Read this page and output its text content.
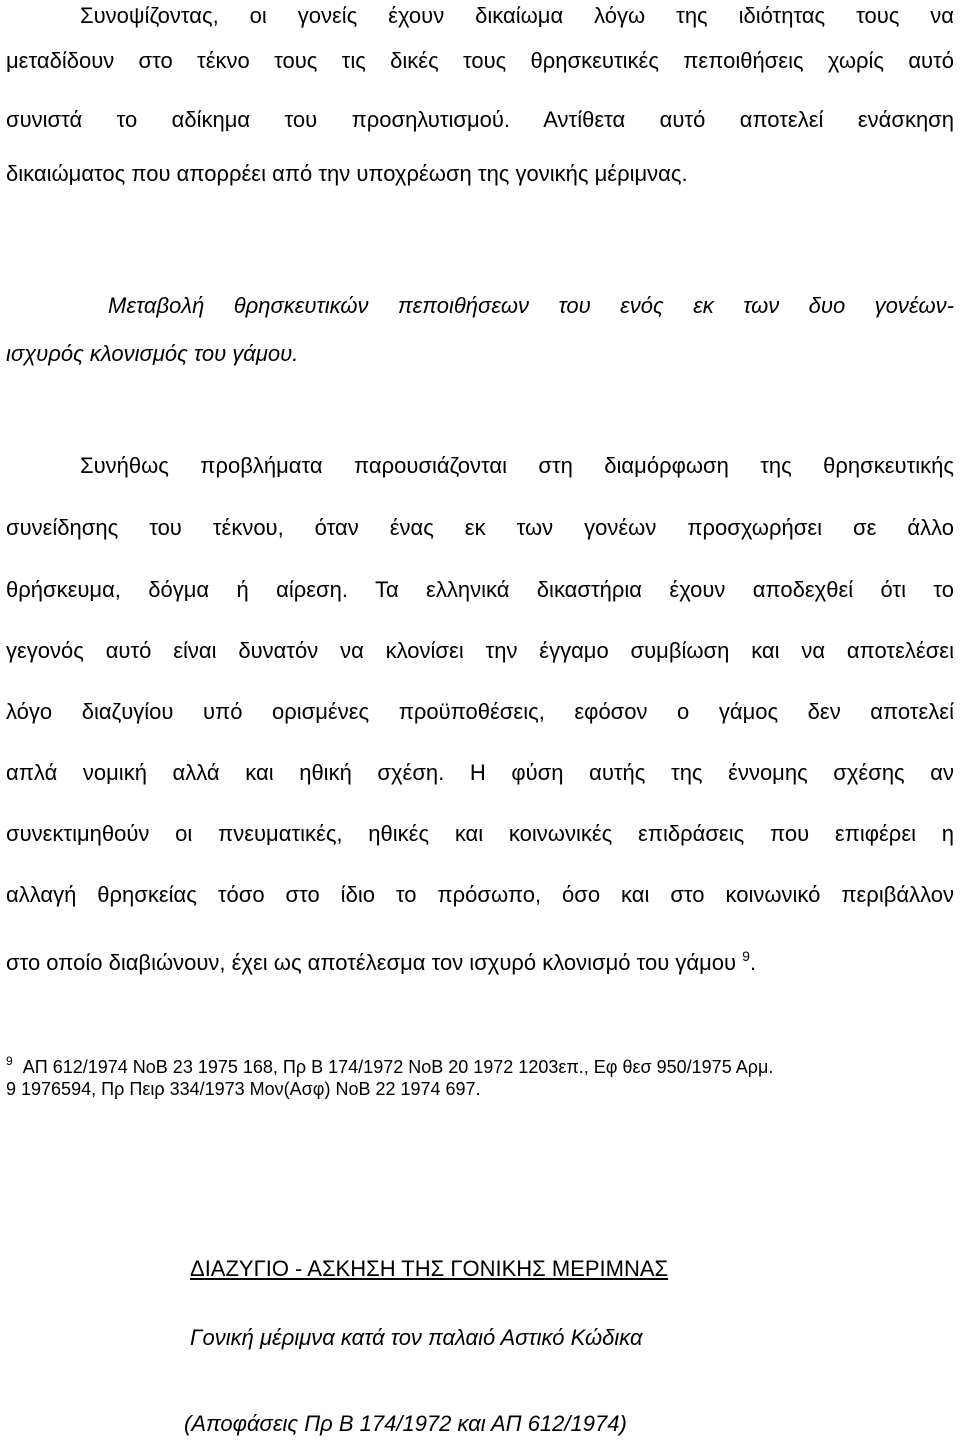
Συνοψίζοντας, οι γονείς έχουν δικαίωμα λόγω της ιδιότητας τους να
μεταδίδουν στο τέκνο τους τις δικές τους θρησκευτικές πεποιθήσεις χωρίς αυτό
συνιστά το αδίκημα του προσηλυτισμού. Αντίθετα αυτό αποτελεί ενάσκηση
δικαιώματος που απορρέει από την υποχρέωση της γονικής μέριμνας.
Μεταβολή θρησκευτικών πεποιθήσεων του ενός εκ των δυο γονέων-
ισχυρός κλονισμός του γάμου.
Συνήθως προβλήματα παρουσιάζονται στη διαμόρφωση της θρησκευτικής
συνείδησης του τέκνου, όταν ένας εκ των γονέων προσχωρήσει σε άλλο
θρήσκευμα, δόγμα ή αίρεση. Τα ελληνικά δικαστήρια έχουν αποδεχθεί ότι το
γεγονός αυτό είναι δυνατόν να κλονίσει την έγγαμο συμβίωση και να αποτελέσει
λόγο διαζυγίου υπό ορισμένες προϋποθέσεις, εφόσον ο γάμος δεν αποτελεί
απλά νομική αλλά και ηθική σχέση. Η φύση αυτής της έννομης σχέσης αν
συνεκτιμηθούν οι πνευματικές, ηθικές και κοινωνικές επιδράσεις που επιφέρει η
αλλαγή θρησκείας τόσο στο ίδιο το πρόσωπο, όσο και στο κοινωνικό περιβάλλον
στο οποίο διαβιώνουν, έχει ως αποτέλεσμα τον ισχυρό κλονισμό του γάμου $^9$.
$^9$ ΑΠ 612/1974 ΝοΒ 23 1975 168, Πρ Β 174/1972 ΝοΒ 20 1972 1203επ., Εφ θεσ 950/1975 Αρμ.
9 1976594, Πρ Πειρ 334/1973 Μον(Ασφ) ΝοΒ 22 1974 697.
ΔΙΑΖΥΓΙΟ - ΑΣΚΗΣΗ ΤΗΣ ΓΟΝΙΚΗΣ ΜΕΡΙΜΝΑΣ
Γονική μέριμνα κατά τον παλαιό Αστικό Κώδικα
(Αποφάσεις Πρ Β 174/1972 και ΑΠ 612/1974)
